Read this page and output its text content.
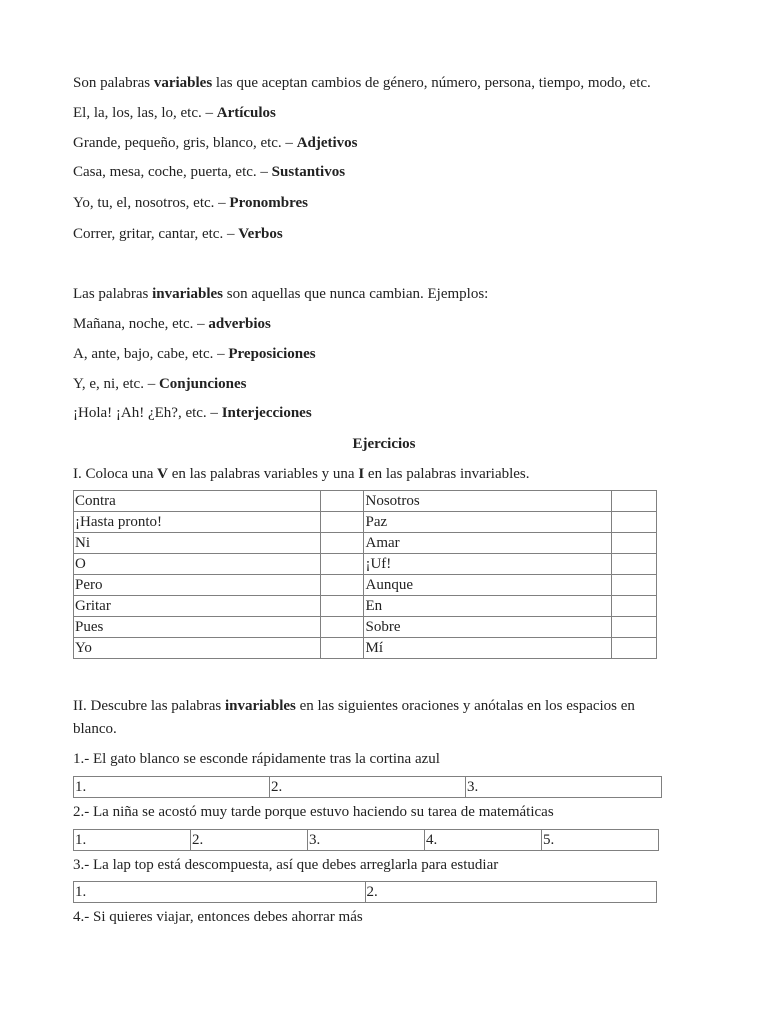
Son palabras variables las que aceptan cambios de género, número, persona, tiempo, modo, etc.
El, la, los, las, lo, etc. – Artículos
Grande, pequeño, gris, blanco, etc. – Adjetivos
Casa, mesa, coche, puerta, etc. – Sustantivos
Yo, tu, el, nosotros, etc. – Pronombres
Correr, gritar, cantar, etc. – Verbos
Las palabras invariables son aquellas que nunca cambian. Ejemplos:
Mañana, noche, etc. – adverbios
A, ante, bajo, cabe, etc. – Preposiciones
Y, e, ni, etc. – Conjunciones
¡Hola! ¡Ah! ¿Eh?, etc. – Interjecciones
Ejercicios
I. Coloca una V en las palabras variables y una I en las palabras invariables.
Contra		Nosotros	
¡Hasta pronto!		Paz	
Ni		Amar	
O		¡Uf!	
Pero		Aunque	
Gritar		En	
Pues		Sobre	
Yo		Mí	
II. Descubre las palabras invariables en las siguientes oraciones y anótalas en los espacios en
blanco.
1.- El gato blanco se esconde rápidamente tras la cortina azul
1.	2.	3.
2.- La niña se acostó muy tarde porque estuvo haciendo su tarea de matemáticas
1.	2.	3.	4.	5.
3.- La lap top está descompuesta, así que debes arreglarla para estudiar
1.	2.
4.- Si quieres viajar, entonces debes ahorrar más
